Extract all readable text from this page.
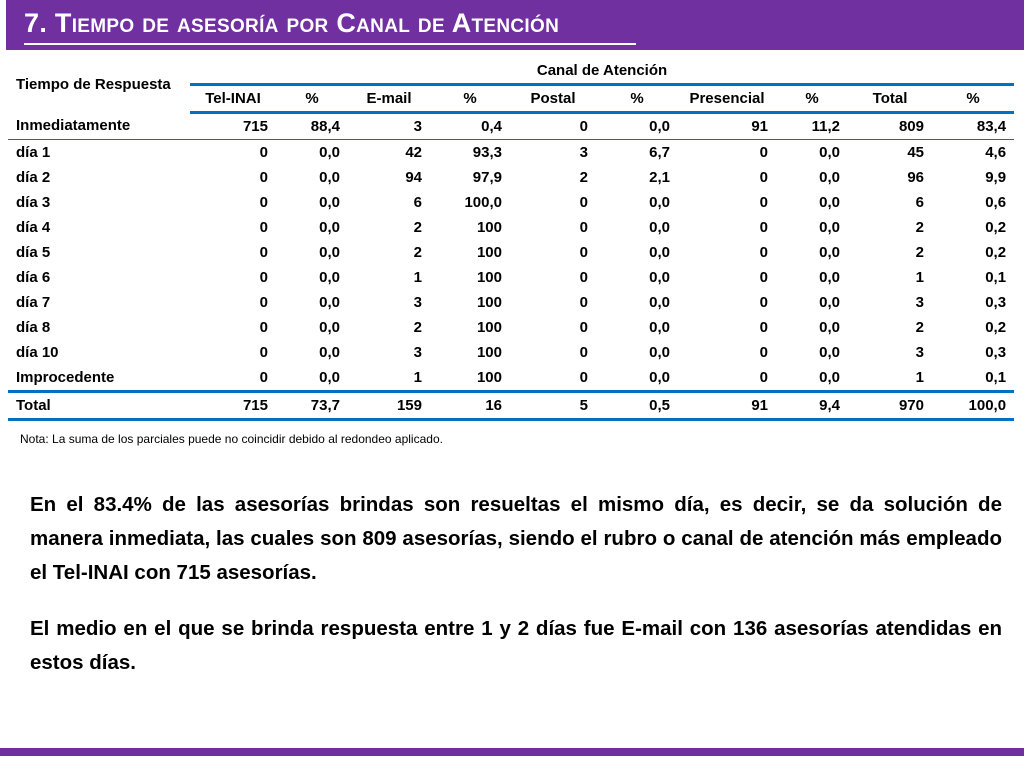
7. Tiempo de asesoría por Canal de Atención
Tiempo de Respuesta	Canal de Atención									
	Tel-INAI	%	E-mail	%	Postal	%	Presencial	%	Total	%
Inmediatamente	715	88,4	3	0,4	0	0,0	91	11,2	809	83,4
día 1	0	0,0	42	93,3	3	6,7	0	0,0	45	4,6
día 2	0	0,0	94	97,9	2	2,1	0	0,0	96	9,9
día 3	0	0,0	6	100,0	0	0,0	0	0,0	6	0,6
día 4	0	0,0	2	100	0	0,0	0	0,0	2	0,2
día 5	0	0,0	2	100	0	0,0	0	0,0	2	0,2
día 6	0	0,0	1	100	0	0,0	0	0,0	1	0,1
día 7	0	0,0	3	100	0	0,0	0	0,0	3	0,3
día 8	0	0,0	2	100	0	0,0	0	0,0	2	0,2
día 10	0	0,0	3	100	0	0,0	0	0,0	3	0,3
Improcedente	0	0,0	1	100	0	0,0	0	0,0	1	0,1
Total	715	73,7	159	16	5	0,5	91	9,4	970	100,0
Nota: La suma de los parciales puede no coincidir debido al redondeo aplicado.

En el 83.4% de las asesorías brindas son resueltas el mismo día, es decir, se da solución de manera inmediata, las cuales son 809 asesorías, siendo el rubro o canal de atención más empleado el Tel-INAI con 715 asesorías.

El medio en el que se brinda respuesta entre 1 y 2 días fue E-mail con 136 asesorías atendidas en estos días.
